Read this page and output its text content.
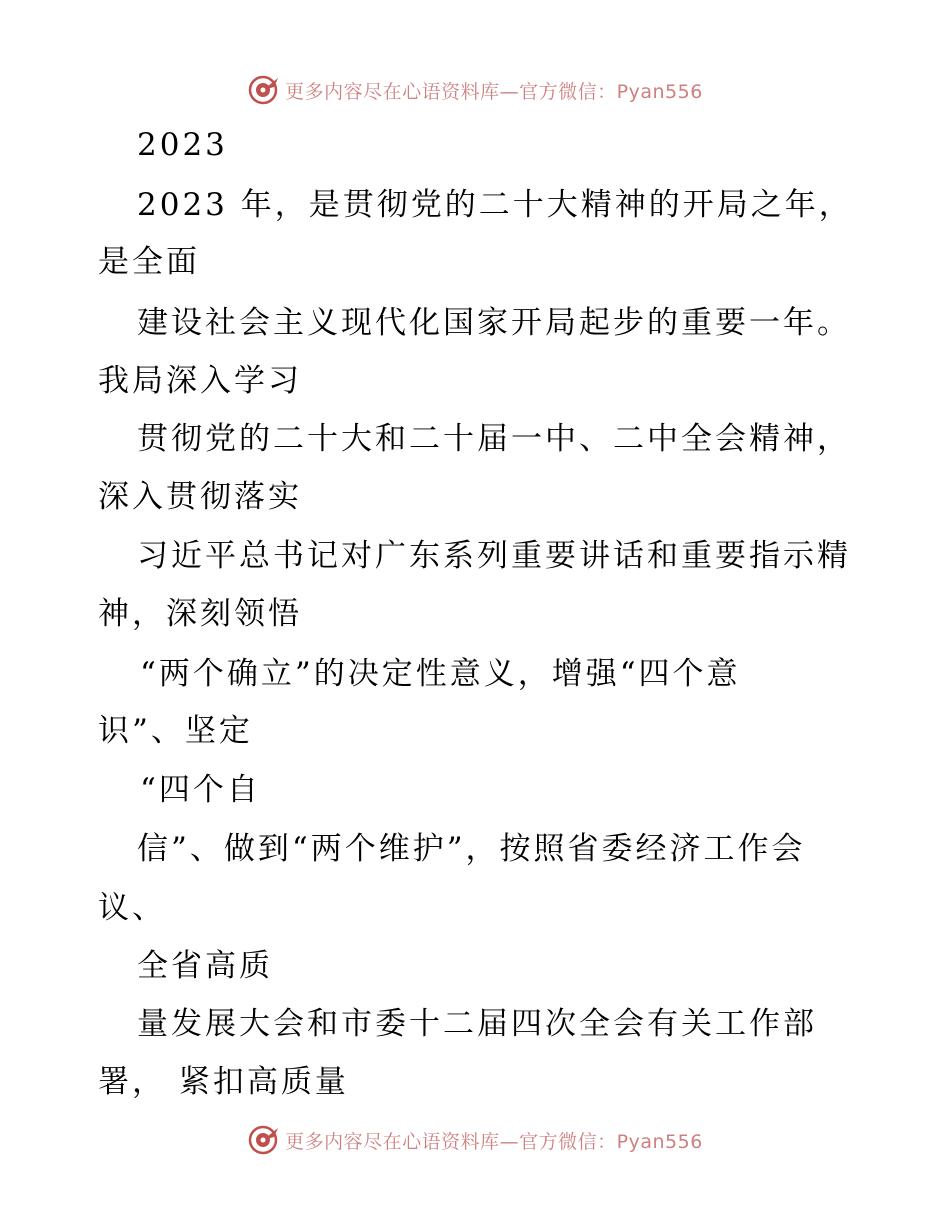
更多内容尽在心语资料库—官方微信：Pyan556
2023
2023 年，是贯彻党的二十大精神的开局之年，
是全面
建设社会主义现代化国家开局起步的重要一年。
我局深入学习
贯彻党的二十大和二十届一中、二中全会精神，
深入贯彻落实
习近平总书记对广东系列重要讲话和重要指示精
神，深刻领悟
“两个确立”的决定性意义，增强“四个意
识”、坚定
“四个自
信”、做到“两个维护”，按照省委经济工作会
议、
全省高质
量发展大会和市委十二届四次全会有关工作部
署， 紧扣高质量
更多内容尽在心语资料库—官方微信：Pyan556
